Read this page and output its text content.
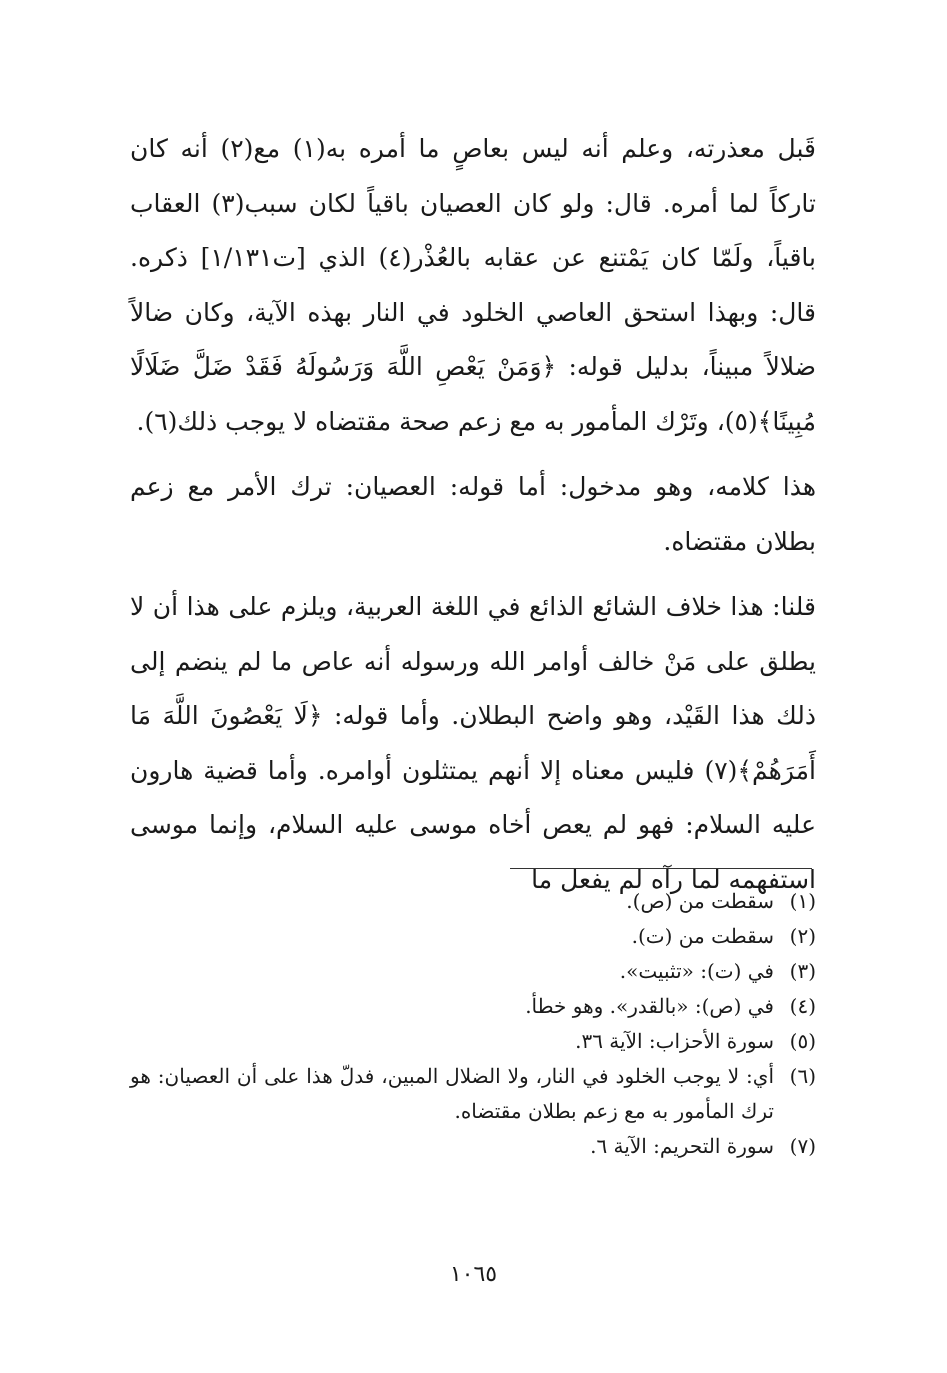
قَبل معذرته، وعلم أنه ليس بعاصٍ ما أمره به(١) مع(٢) أنه كان تاركاً لما أمره. قال: ولو كان العصيان باقياً لكان سبب(٣) العقاب باقياً، ولَمّا كان يَمْتنع عن عقابه بالعُذْر(٤) الذي [ت١/١٣١] ذكره. قال: وبهذا استحق العاصي الخلود في النار بهذه الآية، وكان ضالاً ضلالاً مبيناً، بدليل قوله: ﴿وَمَنْ يَعْصِ اللَّهَ وَرَسُولَهُ فَقَدْ ضَلَّ ضَلَالًا مُبِينًا﴾(٥)، وتَرْك المأمور به مع زعم صحة مقتضاه لا يوجب ذلك(٦).

هذا كلامه، وهو مدخول: أما قوله: العصيان: ترك الأمر مع زعم بطلان مقتضاه.

قلنا: هذا خلاف الشائع الذائع في اللغة العربية، ويلزم على هذا أن لا يطلق على مَنْ خالف أوامر الله ورسوله أنه عاص ما لم ينضم إلى ذلك هذا القَيْد، وهو واضح البطلان. وأما قوله: ﴿لَا يَعْصُونَ اللَّهَ مَا أَمَرَهُمْ﴾(٧) فليس معناه إلا أنهم يمتثلون أوامره. وأما قضية هارون عليه السلام: فهو لم يعص أخاه موسى عليه السلام، وإنما موسى استفهمه لما رآه لم يفعل ما

(١)
سقطت من (ص).
(٢)
سقطت من (ت).
(٣)
في (ت): «تثبيت».
(٤)
في (ص): «بالقدر». وهو خطأ.
(٥)
سورة الأحزاب: الآية ٣٦.
(٦)
أي: لا يوجب الخلود في النار، ولا الضلال المبين، فدلّ هذا على أن العصيان: هو ترك المأمور به مع زعم بطلان مقتضاه.
(٧)
سورة التحريم: الآية ٦.
١٠٦٥
